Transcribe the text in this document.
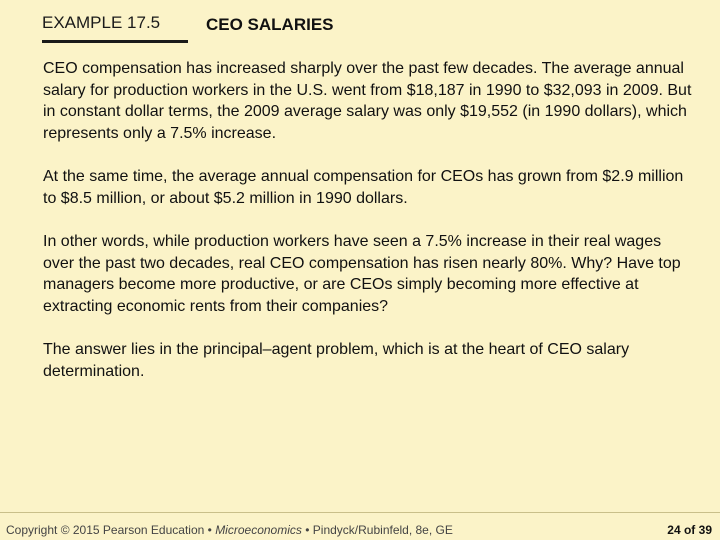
EXAMPLE 17.5	CEO SALARIES

CEO compensation has increased sharply over the past few decades. The average annual salary for production workers in the U.S. went from $18,187 in 1990 to $32,093 in 2009. But in constant dollar terms, the 2009 average salary was only $19,552 (in 1990 dollars), which represents only a 7.5% increase.

At the same time, the average annual compensation for CEOs has grown from $2.9 million to $8.5 million, or about $5.2 million in 1990 dollars.

In other words, while production workers have seen a 7.5% increase in their real wages over the past two decades, real CEO compensation has risen nearly 80%. Why? Have top managers become more productive, or are CEOs simply becoming more effective at extracting economic rents from their companies?

The answer lies in the principal–agent problem, which is at the heart of CEO salary determination.

Copyright © 2015 Pearson Education • Microeconomics • Pindyck/Rubinfeld, 8e, GE	24 of 39
